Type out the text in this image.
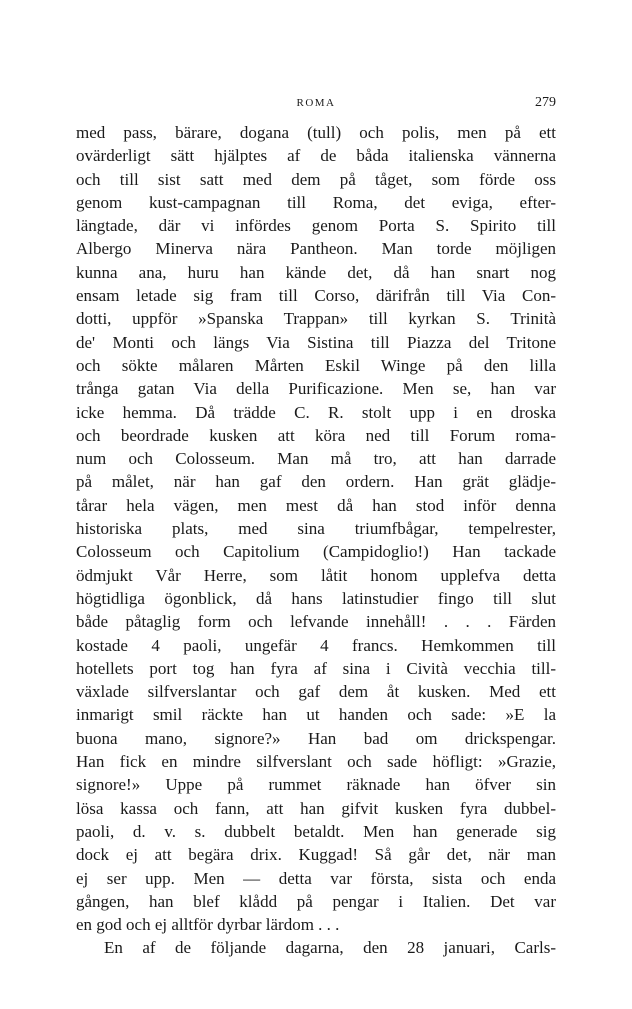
ROMA	279
med pass, bärare, dogana (tull) och polis, men på ett
ovärderligt sätt hjälptes af de båda italienska vännerna
och till sist satt med dem på tåget, som förde oss
genom kust-campagnan till Roma, det eviga, efter-
längtade, där vi infördes genom Porta S. Spirito till
Albergo Minerva nära Pantheon. Man torde möjligen
kunna ana, huru han kände det, då han snart nog
ensam letade sig fram till Corso, därifrån till Via Con-
dotti, uppför »Spanska Trappan» till kyrkan S. Trinità
de' Monti och längs Via Sistina till Piazza del Tritone
och sökte målaren Mårten Eskil Winge på den lilla
trånga gatan Via della Purificazione. Men se, han var
icke hemma. Då trädde C. R. stolt upp i en droska
och beordrade kusken att köra ned till Forum roma-
num och Colosseum. Man må tro, att han darrade
på målet, när han gaf den ordern. Han grät glädje-
tårar hela vägen, men mest då han stod inför denna
historiska plats, med sina triumfbågar, tempelrester,
Colosseum och Capitolium (Campidoglio!) Han tackade
ödmjukt Vår Herre, som låtit honom upplefva detta
högtidliga ögonblick, då hans latinstudier fingo till slut
både påtaglig form och lefvande innehåll! . . . Färden
kostade 4 paoli, ungefär 4 francs. Hemkommen till
hotellets port tog han fyra af sina i Cività vecchia till-
växlade silfverslantar och gaf dem åt kusken. Med ett
inmarigt smil räckte han ut handen och sade: »E la
buona mano, signore?» Han bad om drickspengar.
Han fick en mindre silfverslant och sade höfligt: »Grazie,
signore!» Uppe på rummet räknade han öfver sin
lösa kassa och fann, att han gifvit kusken fyra dubbel-
paoli, d. v. s. dubbelt betaldt. Men han generade sig
dock ej att begära drix. Kuggad! Så går det, när man
ej ser upp. Men — detta var första, sista och enda
gången, han blef klådd på pengar i Italien. Det var
en god och ej alltför dyrbar lärdom . . .
En af de följande dagarna, den 28 januari, Carls-
